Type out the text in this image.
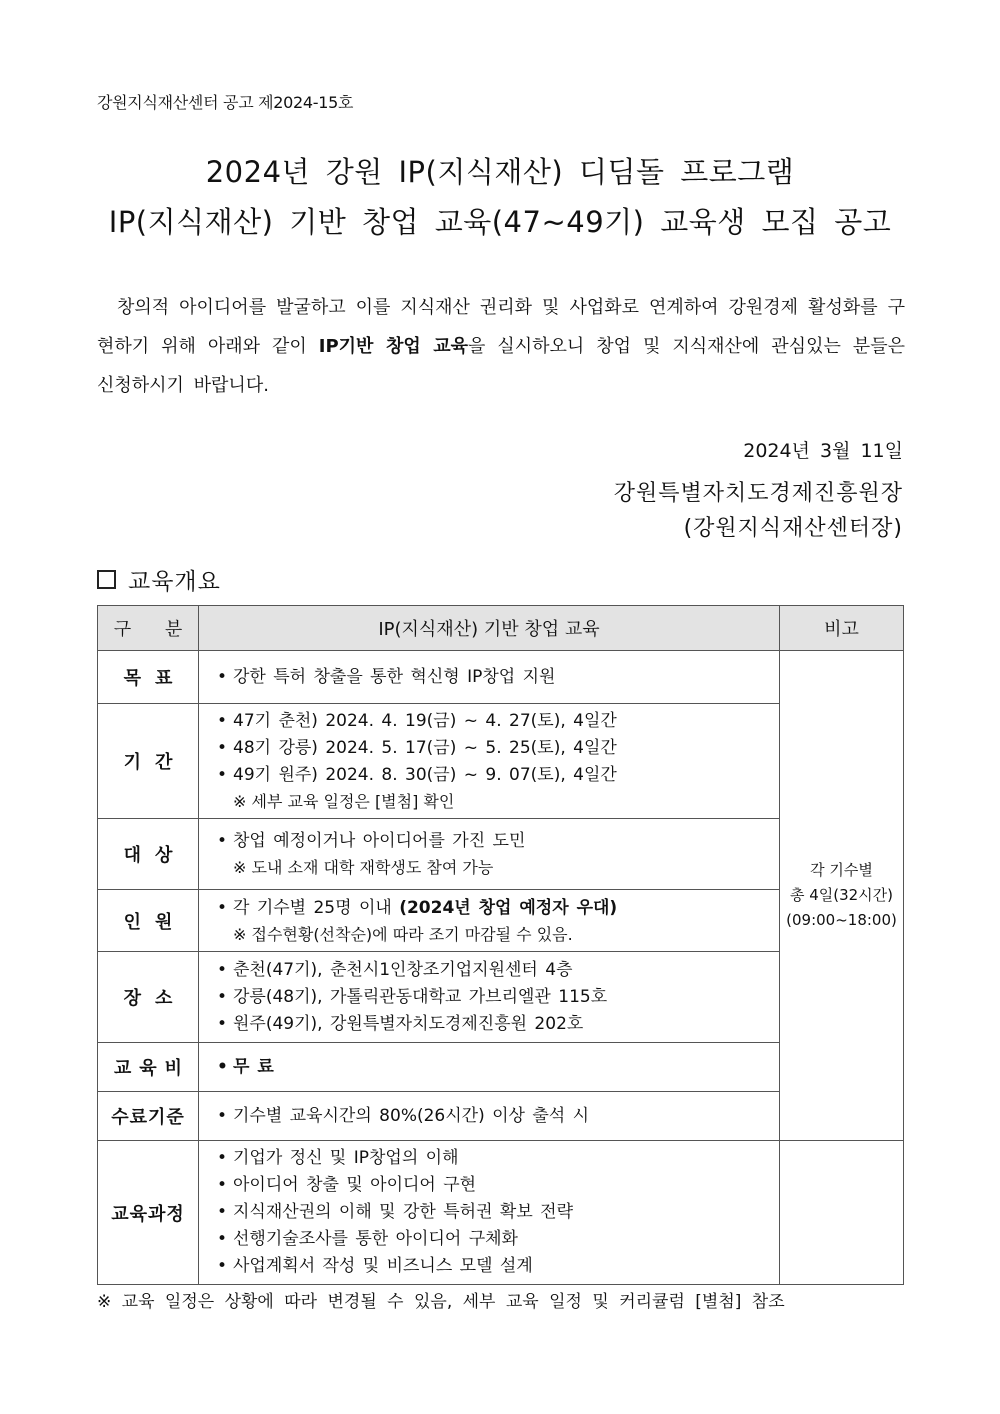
강원지식재산센터 공고 제2024-15호
2024년 강원 IP(지식재산) 디딤돌 프로그램
IP(지식재산) 기반 창업 교육(47~49기) 교육생 모집 공고
창의적 아이디어를 발굴하고 이를 지식재산 권리화 및 사업화로 연계하여 강원경제 활성화를 구현하기 위해 아래와 같이 IP기반 창업 교육을 실시하오니 창업 및 지식재산에 관심있는 분들은 신청하시기 바랍니다.
2024년 3월 11일
강원특별자치도경제진흥원장
(강원지식재산센터장)
교육개요
구 분	IP(지식재산) 기반 창업 교육	비고
목표	• 강한 특허 창출을 통한 혁신형 IP창업 지원	각 기수별
총 4일(32시간)
(09:00~18:00)

기간	• 47기 춘천) 2024. 4. 19(금) ~ 4. 27(토), 4일간
• 48기 강릉) 2024. 5. 17(금) ~ 5. 25(토), 4일간
• 49기 원주) 2024. 8. 30(금) ~ 9. 07(토), 4일간
※ 세부 교육 일정은 [별첨] 확인	

대상	• 창업 예정이거나 아이디어를 가진 도민
※ 도내 소재 대학 재학생도 참여 가능	

인원	• 각 기수별 25명 이내 (2024년 창업 예정자 우대)
※ 접수현황(선착순)에 따라 조기 마감될 수 있음.	

장소	• 춘천(47기), 춘천시1인창조기업지원센터 4층
• 강릉(48기), 가톨릭관동대학교 가브리엘관 115호
• 원주(49기), 강원특별자치도경제진흥원 202호	

교육비	• 무 료	

수료기준	• 기수별 교육시간의 80%(26시간) 이상 출석 시	

교육과정	• 기업가 정신 및 IP창업의 이해
• 아이디어 창출 및 아이디어 구현
• 지식재산권의 이해 및 강한 특허권 확보 전략
• 선행기술조사를 통한 아이디어 구체화
• 사업계획서 작성 및 비즈니스 모델 설계	

※ 교육 일정은 상황에 따라 변경될 수 있음, 세부 교육 일정 및 커리큘럼 [별첨] 참조
